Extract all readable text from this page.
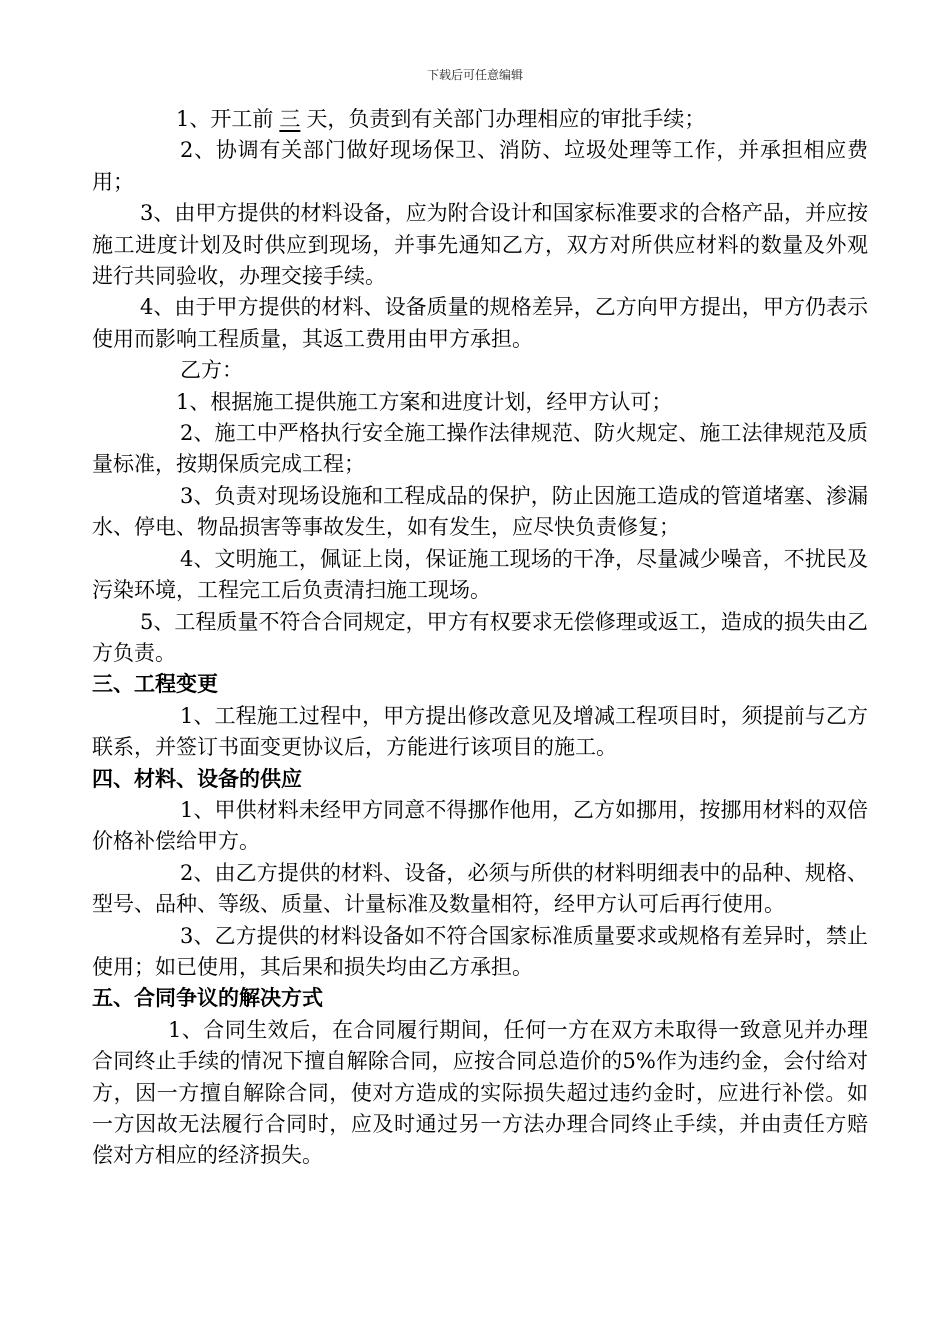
下载后可任意编辑

1、开工前 三 天，负责到有关部门办理相应的审批手续；

2、协调有关部门做好现场保卫、消防、垃圾处理等工作，并承担相应费用；

3、由甲方提供的材料设备，应为附合设计和国家标准要求的合格产品，并应按施工进度计划及时供应到现场，并事先通知乙方，双方对所供应材料的数量及外观进行共同验收，办理交接手续。

4、由于甲方提供的材料、设备质量的规格差异，乙方向甲方提出，甲方仍表示使用而影响工程质量，其返工费用由甲方承担。

乙方：

1、根据施工提供施工方案和进度计划，经甲方认可；

2、施工中严格执行安全施工操作法律规范、防火规定、施工法律规范及质量标准，按期保质完成工程；

3、负责对现场设施和工程成品的保护，防止因施工造成的管道堵塞、渗漏水、停电、物品损害等事故发生，如有发生，应尽快负责修复；

4、文明施工，佩证上岗，保证施工现场的干净，尽量减少噪音，不扰民及污染环境，工程完工后负责清扫施工现场。

5、工程质量不符合合同规定，甲方有权要求无偿修理或返工，造成的损失由乙方负责。

三、工程变更

1、工程施工过程中，甲方提出修改意见及增减工程项目时，须提前与乙方联系，并签订书面变更协议后，方能进行该项目的施工。

四、材料、设备的供应

1、甲供材料未经甲方同意不得挪作他用，乙方如挪用，按挪用材料的双倍价格补偿给甲方。

2、由乙方提供的材料、设备，必须与所供的材料明细表中的品种、规格、型号、品种、等级、质量、计量标准及数量相符，经甲方认可后再行使用。

3、乙方提供的材料设备如不符合国家标准质量要求或规格有差异时，禁止使用；如已使用，其后果和损失均由乙方承担。

五、合同争议的解决方式

1、合同生效后，在合同履行期间，任何一方在双方未取得一致意见并办理合同终止手续的情况下擅自解除合同，应按合同总造价的5%作为违约金，会付给对方，因一方擅自解除合同，使对方造成的实际损失超过违约金时，应进行补偿。如一方因故无法履行合同时，应及时通过另一方法办理合同终止手续，并由责任方赔偿对方相应的经济损失。
